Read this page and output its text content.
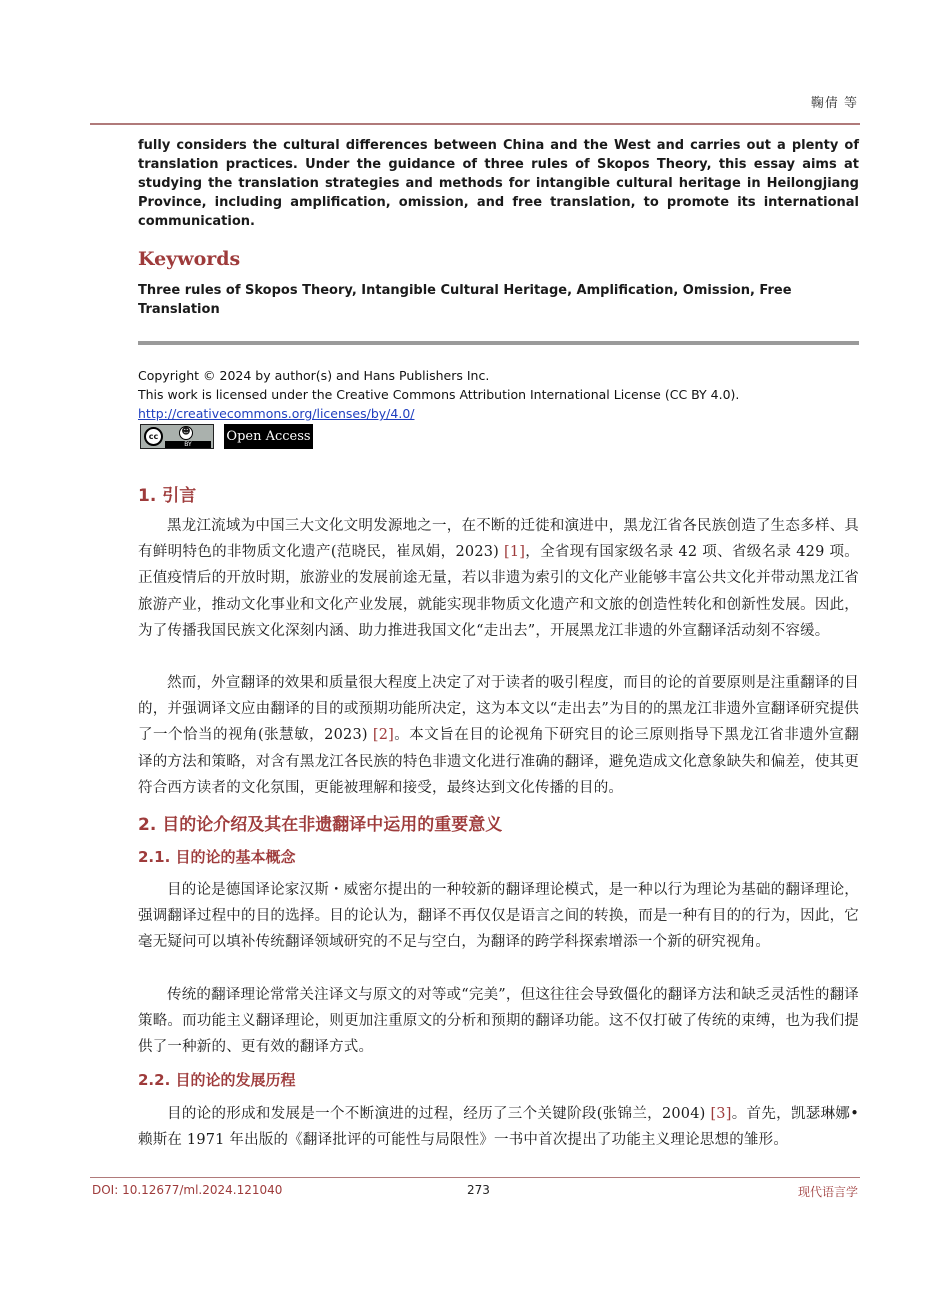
鞠倩 等

fully considers the cultural differences between China and the West and carries out a plenty of translation practices. Under the guidance of three rules of Skopos Theory, this essay aims at studying the translation strategies and methods for intangible cultural heritage in Heilongjiang Province, including amplification, omission, and free translation, to promote its international communication.

Keywords

Three rules of Skopos Theory, Intangible Cultural Heritage, Amplification, Omission, Free Translation

Copyright © 2024 by author(s) and Hans Publishers Inc.
This work is licensed under the Creative Commons Attribution International License (CC BY 4.0).
http://creativecommons.org/licenses/by/4.0/
cc	☻
BY
Open Access
1. 引言

黑龙江流域为中国三大文化文明发源地之一，在不断的迁徙和演进中，黑龙江省各民族创造了生态多样、具有鲜明特色的非物质文化遗产(范晓民，崔凤娟，2023) [1]，全省现有国家级名录 42 项、省级名录 429 项。正值疫情后的开放时期，旅游业的发展前途无量，若以非遗为索引的文化产业能够丰富公共文化并带动黑龙江省旅游产业，推动文化事业和文化产业发展，就能实现非物质文化遗产和文旅的创造性转化和创新性发展。因此，为了传播我国民族文化深刻内涵、助力推进我国文化“走出去”，开展黑龙江非遗的外宣翻译活动刻不容缓。

然而，外宣翻译的效果和质量很大程度上决定了对于读者的吸引程度，而目的论的首要原则是注重翻译的目的，并强调译文应由翻译的目的或预期功能所决定，这为本文以“走出去”为目的的黑龙江非遗外宣翻译研究提供了一个恰当的视角(张慧敏，2023) [2]。本文旨在目的论视角下研究目的论三原则指导下黑龙江省非遗外宣翻译的方法和策略，对含有黑龙江各民族的特色非遗文化进行准确的翻译，避免造成文化意象缺失和偏差，使其更符合西方读者的文化氛围，更能被理解和接受，最终达到文化传播的目的。

2. 目的论介绍及其在非遗翻译中运用的重要意义
2.1. 目的论的基本概念

目的论是德国译论家汉斯・威密尔提出的一种较新的翻译理论模式，是一种以行为理论为基础的翻译理论，强调翻译过程中的目的选择。目的论认为，翻译不再仅仅是语言之间的转换，而是一种有目的的行为，因此，它毫无疑问可以填补传统翻译领域研究的不足与空白，为翻译的跨学科探索增添一个新的研究视角。

传统的翻译理论常常关注译文与原文的对等或“完美”，但这往往会导致僵化的翻译方法和缺乏灵活性的翻译策略。而功能主义翻译理论，则更加注重原文的分析和预期的翻译功能。这不仅打破了传统的束缚，也为我们提供了一种新的、更有效的翻译方式。

2.2. 目的论的发展历程

目的论的形成和发展是一个不断演进的过程，经历了三个关键阶段(张锦兰，2004) [3]。首先，凯瑟琳娜•赖斯在 1971 年出版的《翻译批评的可能性与局限性》一书中首次提出了功能主义理论思想的雏形。

DOI: 10.12677/ml.2024.121040	273	现代语言学
